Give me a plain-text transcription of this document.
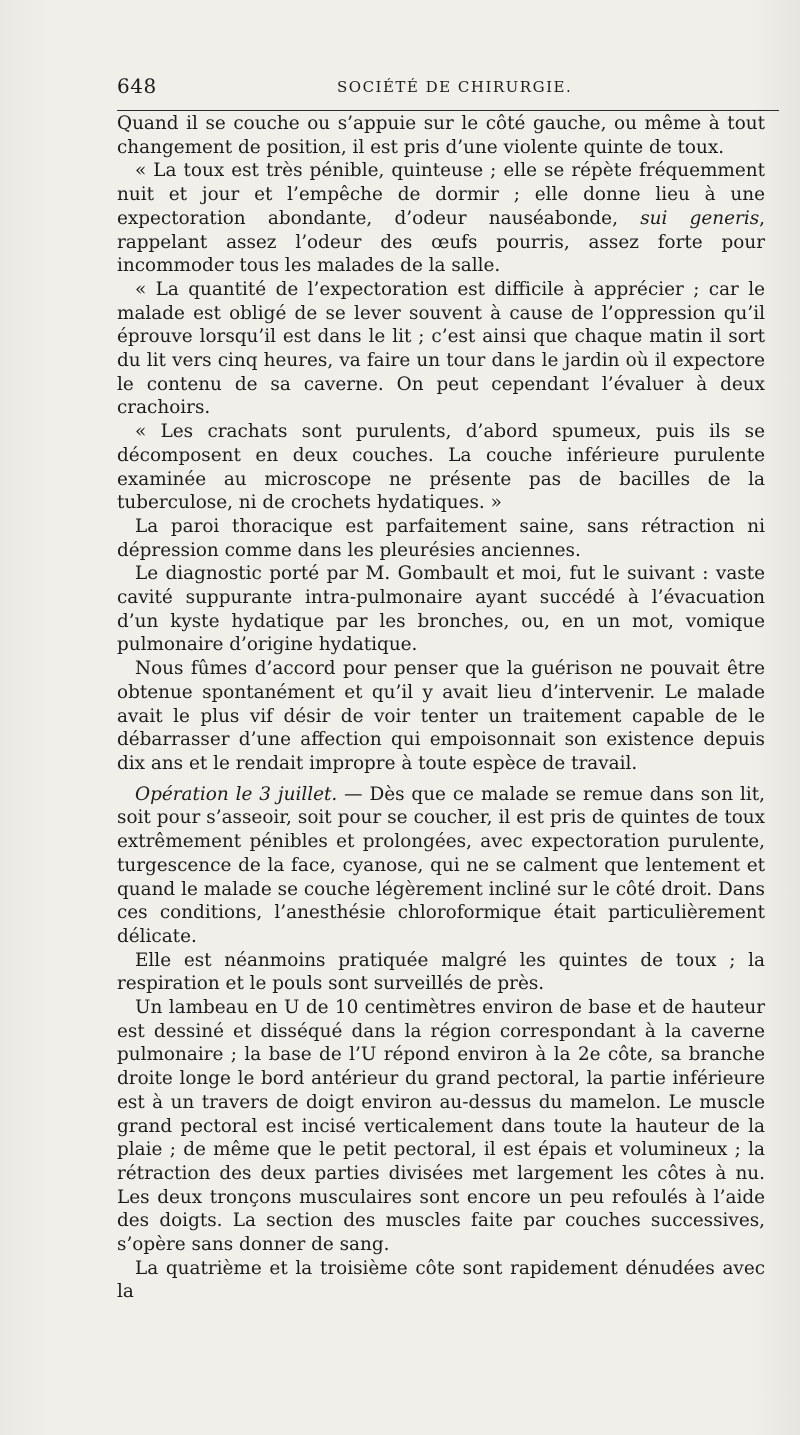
648	SOCIÉTÉ DE CHIRURGIE.

Quand il se couche ou s’appuie sur le côté gauche, ou même à tout changement de position, il est pris d’une violente quinte de toux.

« La toux est très pénible, quinteuse ; elle se répète fréquemment nuit et jour et l’empêche de dormir ; elle donne lieu à une expectoration abondante, d’odeur nauséabonde, sui generis, rappelant assez l’odeur des œufs pourris, assez forte pour incommoder tous les malades de la salle.

« La quantité de l’expectoration est difficile à apprécier ; car le malade est obligé de se lever souvent à cause de l’oppression qu’il éprouve lorsqu’il est dans le lit ; c’est ainsi que chaque matin il sort du lit vers cinq heures, va faire un tour dans le jardin où il expectore le contenu de sa caverne. On peut cependant l’évaluer à deux crachoirs.

« Les crachats sont purulents, d’abord spumeux, puis ils se décomposent en deux couches. La couche inférieure purulente examinée au microscope ne présente pas de bacilles de la tuberculose, ni de crochets hydatiques. »

La paroi thoracique est parfaitement saine, sans rétraction ni dépression comme dans les pleurésies anciennes.

Le diagnostic porté par M. Gombault et moi, fut le suivant : vaste cavité suppurante intra-pulmonaire ayant succédé à l’évacuation d’un kyste hydatique par les bronches, ou, en un mot, vomique pulmonaire d’origine hydatique.

Nous fûmes d’accord pour penser que la guérison ne pouvait être obtenue spontanément et qu’il y avait lieu d’intervenir. Le malade avait le plus vif désir de voir tenter un traitement capable de le débarrasser d’une affection qui empoisonnait son existence depuis dix ans et le rendait impropre à toute espèce de travail.

Opération le 3 juillet. — Dès que ce malade se remue dans son lit, soit pour s’asseoir, soit pour se coucher, il est pris de quintes de toux extrêmement pénibles et prolongées, avec expectoration purulente, turgescence de la face, cyanose, qui ne se calment que lentement et quand le malade se couche légèrement incliné sur le côté droit. Dans ces conditions, l’anesthésie chloroformique était particulièrement délicate.

Elle est néanmoins pratiquée malgré les quintes de toux ; la respiration et le pouls sont surveillés de près.

Un lambeau en U de 10 centimètres environ de base et de hauteur est dessiné et disséqué dans la région correspondant à la caverne pulmonaire ; la base de l’U répond environ à la 2e côte, sa branche droite longe le bord antérieur du grand pectoral, la partie inférieure est à un travers de doigt environ au-dessus du mamelon. Le muscle grand pectoral est incisé verticalement dans toute la hauteur de la plaie ; de même que le petit pectoral, il est épais et volumineux ; la rétraction des deux parties divisées met largement les côtes à nu. Les deux tronçons musculaires sont encore un peu refoulés à l’aide des doigts. La section des muscles faite par couches successives, s’opère sans donner de sang.

La quatrième et la troisième côte sont rapidement dénudées avec la
